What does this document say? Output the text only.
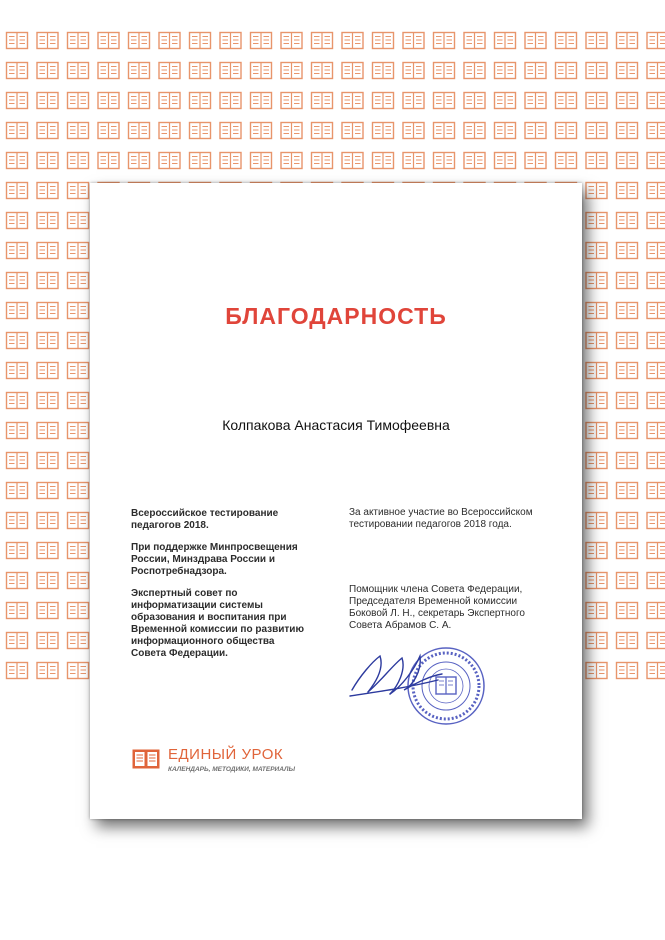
БЛАГОДАРНОСТЬ
Колпакова Анастасия Тимофеевна

Всероссийское тестирование
педагогов 2018.

При поддержке Минпросвещения
России, Минздрава России и
Роспотребнадзора.

Экспертный совет по
информатизации системы
образования и воспитания при
Временной комиссии по развитию
информационного общества
Совета Федерации.

За активное участие во Всероссийском
тестировании педагогов 2018 года.

Помощник члена Совета Федерации,
Председателя Временной комиссии
Боковой Л. Н., секретарь Экспертного
Совета Абрамов С. А.

ЕДИНЫЙ УРОК
КАЛЕНДАРЬ, МЕТОДИКИ, МАТЕРИАЛЫ
